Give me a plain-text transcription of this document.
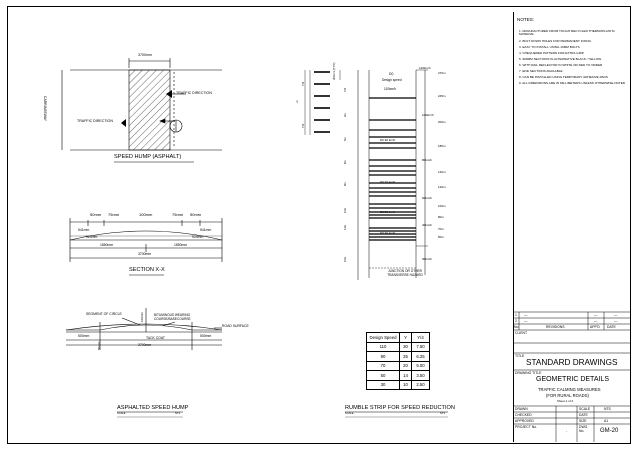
3700mm
CARRIAGEWAY
TRAFFIC DIRECTION
TRAFFIC DIRECTION
SPEED HUMP (ASPHALT)
50mm 75mm	100mm	75mm 50mm
541mm
924mm
541mm
924mm
1850mm	1850mm
3700mm
SECTION X-X
SEGMENT OF CIRCLE	BITUMINOUS WEARING COURSE/BASECOURSE
ROAD SURFACE
TACK COAT
100mm
500mm	500mm
3700mm
50mm
ASPHALTED SPEED HUMP
SCALE	NTS
Y
300mm (TYP)
Y/4
Y/4
D0
Design speed
110km/h
Y/4
4m
5m
6m
8m
10m
12m
15m
D0 90 km/h
D0 70 km/h
D0 50 km/h
D0 30 km/h
120km/h
100km/h
80km/h
60km/h
40km/h
30km/h
270m
245m
200m
180m
140m
120m
100m
80m
70m
50m
JUNCTION OR OTHER TRANSVERSE HAZARD
RUMBLE STRIP FOR SPEED REDUCTION
SCALE	NTS
Design Speed	Y	Y/4
110	30	7.50
90	25	6.25
70	20	5.00
50	14	3.50
30	10	2.50
NOTES:
1. MANUFACTURED FROM TOUGH RECYCLED THERMOPLASTIC MATERIAL
2. BOLT DOWN HOLES FOR PERMANENT FIXING
3. EASY TO INSTALL USING 10MM BOLTS
4. CHEQUERED PATTERN FOR EXTRA GRIP
5. 900MM SECTIONS IN ALTERNATIVE BLACK / YELLOW
6. WITH RAIL REFLECTOR IN WHITE OR RED TO ORDER
7. END SECTIONS AVAILABLE
8. CAN BE INSTALLED USING TEMPORARY ADHESIVE PADS
9. ALL DIMENSIONS ARE IN MILLIMETERS UNLESS OTHERWISE NOTED
1 —	—	—
2 —	—	—
No.	REVISIONS	APP'D DATE
CLIENT
TITLE
STANDARD DRAWINGS
DRAWING TITLE
GEOMETRIC DETAILS
TRAFFIC CALMING MEASURES
(FOR RURAL ROADS)
Sheet 1 of 2
DRAWN
CHECKED
APPROVED
PROJECT No.
-
SCALE	NTS
DATE
SIZE	A1
DWG. No.	GM-20
